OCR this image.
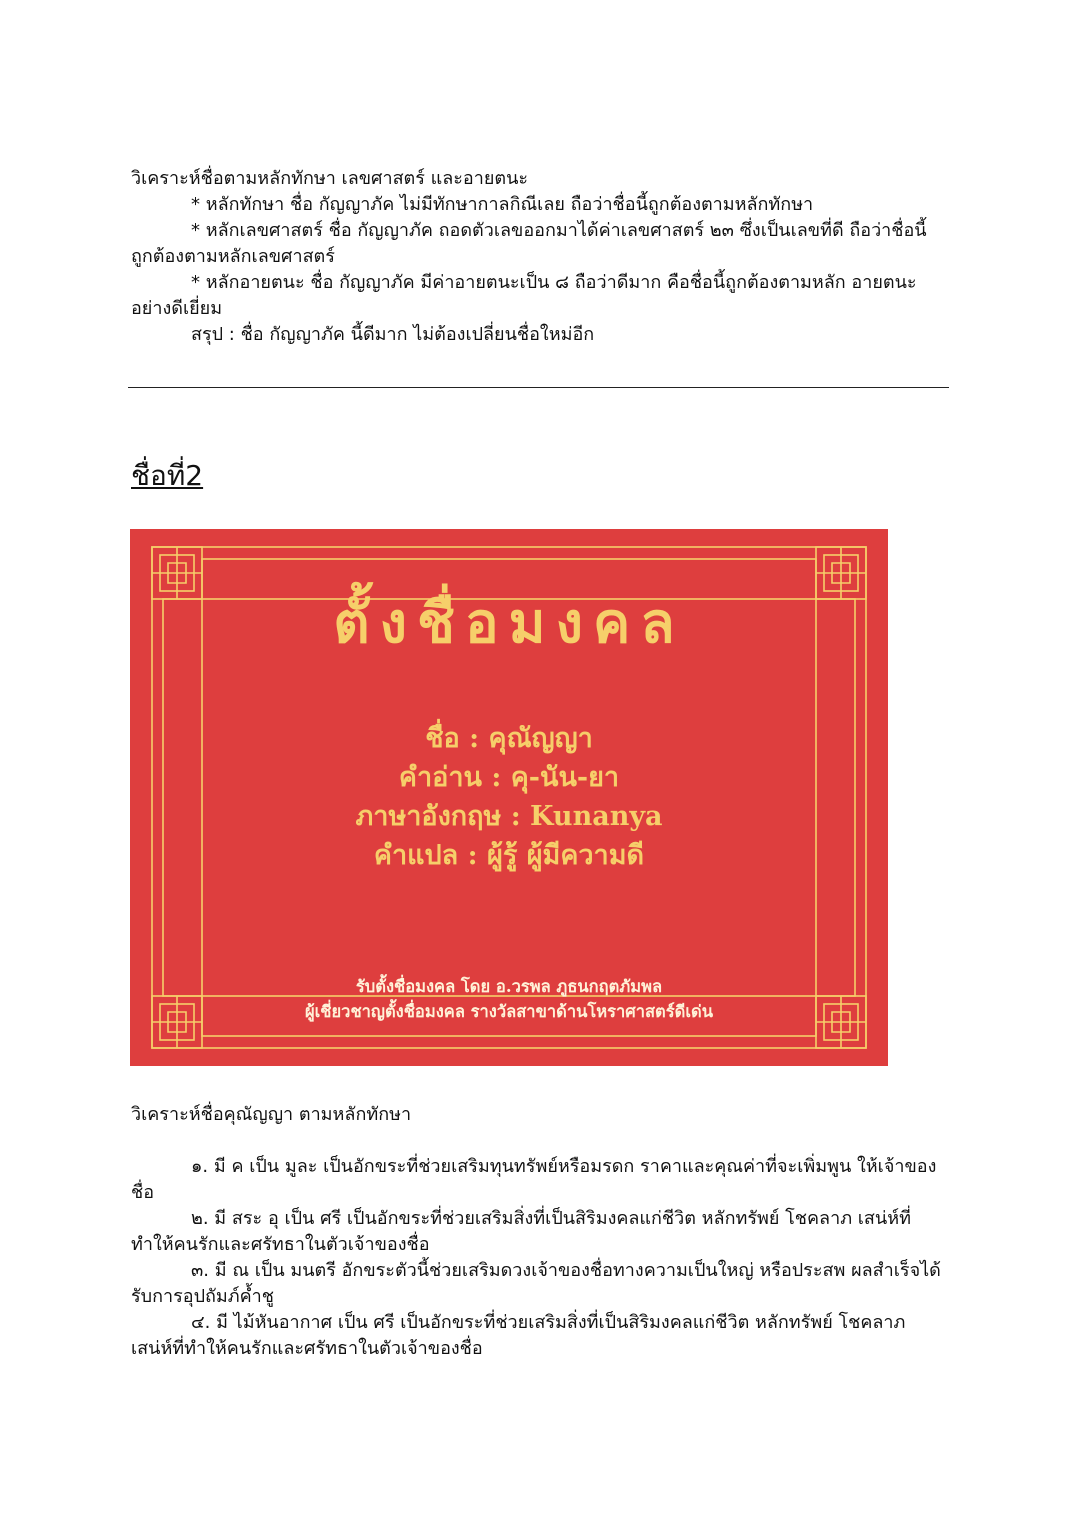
วิเคราะห์ชื่อตามหลักทักษา เลขศาสตร์ และอายตนะ

* หลักทักษา ชื่อ กัญญาภัค ไม่มีทักษากาลกิณีเลย ถือว่าชื่อนี้ถูกต้องตามหลักทักษา

* หลักเลขศาสตร์ ชื่อ กัญญาภัค ถอดตัวเลขออกมาได้ค่าเลขศาสตร์ ๒๓ ซึ่งเป็นเลขที่ดี ถือว่าชื่อนี้ถูกต้องตามหลักเลขศาสตร์

* หลักอายตนะ ชื่อ กัญญาภัค มีค่าอายตนะเป็น ๘ ถือว่าดีมาก คือชื่อนี้ถูกต้องตามหลัก อายตนะอย่างดีเยี่ยม

สรุป : ชื่อ กัญญาภัค นี้ดีมาก ไม่ต้องเปลี่ยนชื่อใหม่อีก

ชื่อที่2
ตั้งชื่อมงคล
ชื่อ : คุณัญญา
คำอ่าน : คุ-นัน-ยา
ภาษาอังกฤษ : Kunanya
คำแปล : ผู้รู้ ผู้มีความดี
รับตั้งชื่อมงคล โดย อ.วรพล ภูธนกฤตภัมพล
ผู้เชี่ยวชาญตั้งชื่อมงคล รางวัลสาขาด้านโหราศาสตร์ดีเด่น

วิเคราะห์ชื่อคุณัญญา ตามหลักทักษา

๑. มี ค เป็น มูละ เป็นอักขระที่ช่วยเสริมทุนทรัพย์หรือมรดก ราคาและคุณค่าที่จะเพิ่มพูน ให้เจ้าของชื่อ

๒. มี สระ อุ เป็น ศรี เป็นอักขระที่ช่วยเสริมสิ่งที่เป็นสิริมงคลแก่ชีวิต หลักทรัพย์ โชคลาภ เสน่ห์ที่ทำให้คนรักและศรัทธาในตัวเจ้าของชื่อ

๓. มี ณ เป็น มนตรี อักขระตัวนี้ช่วยเสริมดวงเจ้าของชื่อทางความเป็นใหญ่ หรือประสพ ผลสำเร็จได้รับการอุปถัมภ์ค้ำชู

๔. มี ไม้หันอากาศ เป็น ศรี เป็นอักขระที่ช่วยเสริมสิ่งที่เป็นสิริมงคลแก่ชีวิต หลักทรัพย์ โชคลาภ เสน่ห์ที่ทำให้คนรักและศรัทธาในตัวเจ้าของชื่อ
